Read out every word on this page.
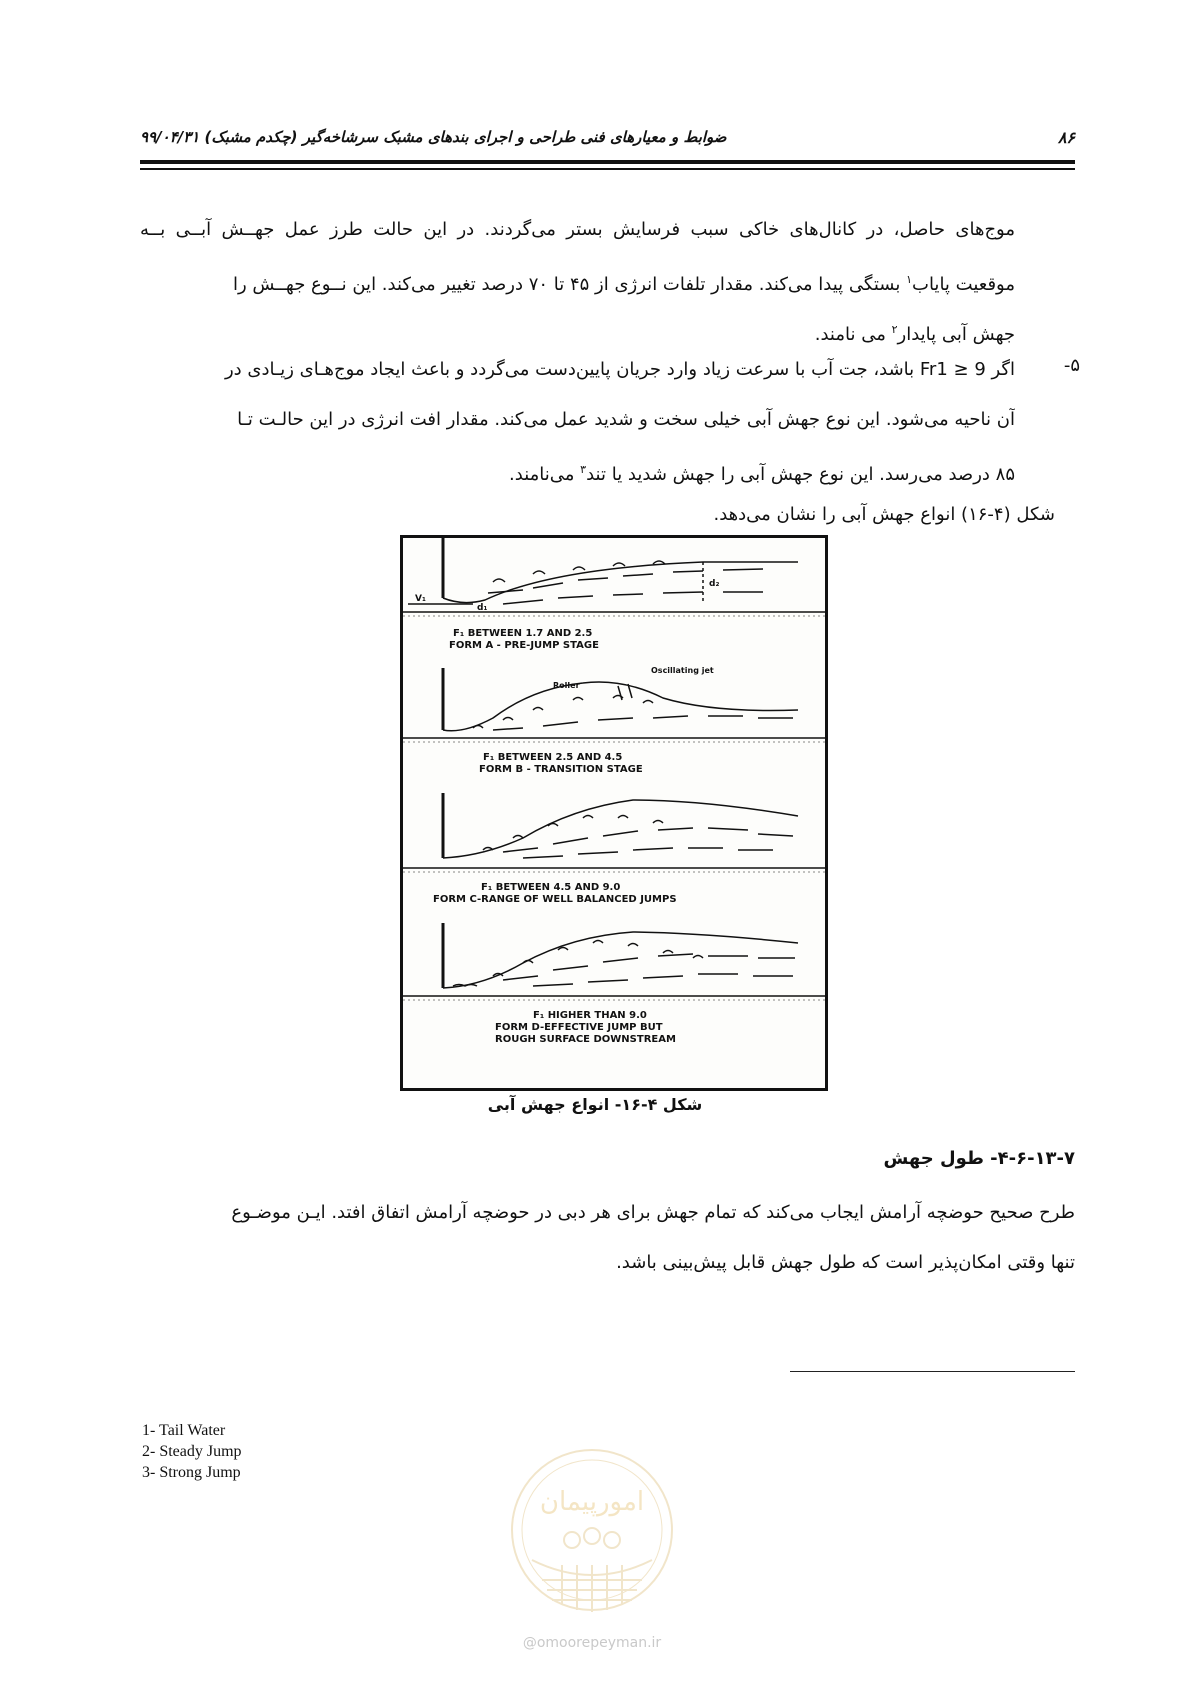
ضوابط و معیارهای فنی طراحی و اجرای بندهای مشبک سرشاخه‌گیر (چکدم مشبک) ۹۹/۰۴/۳۱	۸۶
موج‌های حاصل، در کانال‌های خاکی سبب فرسایش بستر می‌گردند. در این حالت طرز عمل جهــش آبــی بــه
موقعیت پایاب$^۱$ بستگی پیدا می‌کند. مقدار تلفات انرژی از ۴۵ تا ۷۰ درصد تغییر می‌کند. این نــوع جهــش را
جهش آبی پایدار$^۲$ می نامند.
۵-
اگر Fr1 ≥ 9 باشد، جت آب با سرعت زیاد وارد جریان پایین‌دست می‌گردد و باعث ایجاد موج‌هـای زیـادی در
آن ناحیه می‌شود. این نوع جهش آبی خیلی سخت و شدید عمل می‌کند. مقدار افت انرژی در این حالـت تـا
۸۵ درصد می‌رسد. این نوع جهش آبی را جهش شدید یا تند$^۳$ می‌نامند.
شکل (۴-۱۶) انواع جهش آبی را نشان می‌دهد.
V₁
d₁
d₂
F₁ BETWEEN 1.7 AND 2.5
FORM A - PRE-JUMP STAGE
Roller
Oscillating jet
F₁ BETWEEN 2.5 AND 4.5
FORM B - TRANSITION STAGE
F₁ BETWEEN 4.5 AND 9.0
FORM C-RANGE OF WELL BALANCED JUMPS
F₁ HIGHER THAN 9.0
FORM D-EFFECTIVE JUMP BUT
ROUGH SURFACE DOWNSTREAM
شکل ۴-۱۶- انواع جهش آبی
۴-۶-۱۳-۷- طول جهش
طرح صحیح حوضچه آرامش ایجاب می‌کند که تمام جهش برای هر دبی در حوضچه آرامش اتفاق افتد. ایـن موضـوع
تنها وقتی امکان‌پذیر است که طول جهش قابل پیش‌بینی باشد.
1- Tail Water
2- Steady Jump
3- Strong Jump
امورپیمان
@omoorepeyman.ir
